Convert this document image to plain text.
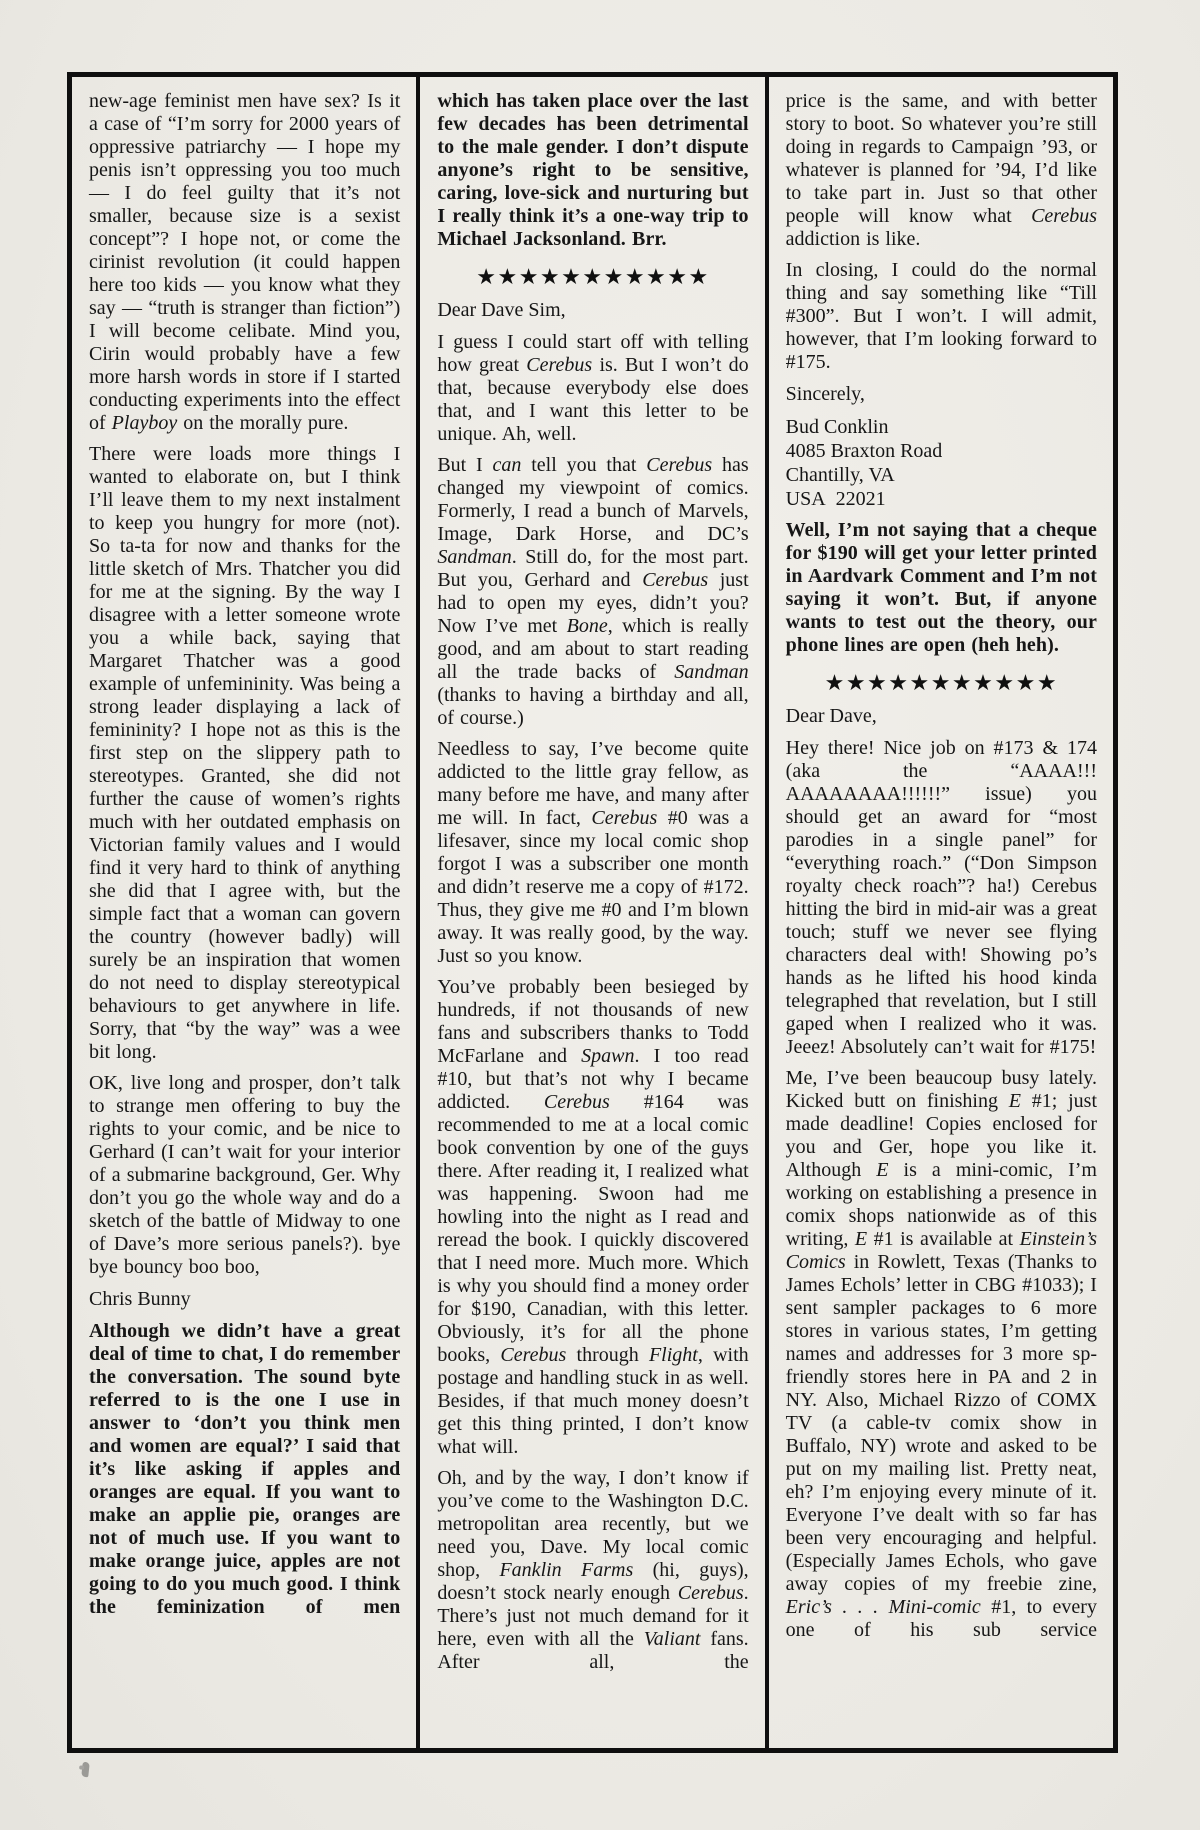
new-age feminist men have sex? Is it a case of “I’m sorry for 2000 years of oppressive patriarchy — I hope my penis isn’t oppressing you too much — I do feel guilty that it’s not smaller, because size is a sexist concept”? I hope not, or come the cirinist revolution (it could happen here too kids — you know what they say — “truth is stranger than fiction”) I will become celibate. Mind you, Cirin would probably have a few more harsh words in store if I started conducting experiments into the effect of Playboy on the morally pure.

There were loads more things I wanted to elaborate on, but I think I’ll leave them to my next instalment to keep you hungry for more (not). So ta-ta for now and thanks for the little sketch of Mrs. Thatcher you did for me at the signing. By the way I disagree with a letter someone wrote you a while back, saying that Margaret Thatcher was a good example of unfemininity. Was being a strong leader displaying a lack of femininity? I hope not as this is the first step on the slippery path to stereotypes. Granted, she did not further the cause of women’s rights much with her outdated emphasis on Victorian family values and I would find it very hard to think of anything she did that I agree with, but the simple fact that a woman can govern the country (however badly) will surely be an inspiration that women do not need to display stereotypical behaviours to get anywhere in life. Sorry, that “by the way” was a wee bit long.

OK, live long and prosper, don’t talk to strange men offering to buy the rights to your comic, and be nice to Gerhard (I can’t wait for your interior of a submarine background, Ger. Why don’t you go the whole way and do a sketch of the battle of Midway to one of Dave’s more serious panels?). bye bye bouncy boo boo,

Chris Bunny

Although we didn’t have a great deal of time to chat, I do remember the conversation. The sound byte referred to is the one I use in answer to ‘don’t you think men and women are equal?’ I said that it’s like asking if apples and oranges are equal. If you want to make an applie pie, oranges are not of much use. If you want to make orange juice, apples are not going to do you much good. I think the feminization of men

which has taken place over the last few decades has been detrimental to the male gender. I don’t dispute anyone’s right to be sensitive, caring, love-sick and nurturing but I really think it’s a one-way trip to Michael Jacksonland. Brr.

★★★★★★★★★★★

Dear Dave Sim,

I guess I could start off with telling how great Cerebus is. But I won’t do that, because everybody else does that, and I want this letter to be unique. Ah, well.

But I can tell you that Cerebus has changed my viewpoint of comics. Formerly, I read a bunch of Marvels, Image, Dark Horse, and DC’s Sandman. Still do, for the most part. But you, Gerhard and Cerebus just had to open my eyes, didn’t you? Now I’ve met Bone, which is really good, and am about to start reading all the trade backs of Sandman (thanks to having a birthday and all, of course.)

Needless to say, I’ve become quite addicted to the little gray fellow, as many before me have, and many after me will. In fact, Cerebus #0 was a lifesaver, since my local comic shop forgot I was a subscriber one month and didn’t reserve me a copy of #172. Thus, they give me #0 and I’m blown away. It was really good, by the way. Just so you know.

You’ve probably been besieged by hundreds, if not thousands of new fans and subscribers thanks to Todd McFarlane and Spawn. I too read #10, but that’s not why I became addicted. Cerebus #164 was recommended to me at a local comic book convention by one of the guys there. After reading it, I realized what was happening. Swoon had me howling into the night as I read and reread the book. I quickly discovered that I need more. Much more. Which is why you should find a money order for $190, Canadian, with this letter. Obviously, it’s for all the phone books, Cerebus through Flight, with postage and handling stuck in as well. Besides, if that much money doesn’t get this thing printed, I don’t know what will.

Oh, and by the way, I don’t know if you’ve come to the Washington D.C. metropolitan area recently, but we need you, Dave. My local comic shop, Fanklin Farms (hi, guys), doesn’t stock nearly enough Cerebus. There’s just not much demand for it here, even with all the Valiant fans. After all, the

price is the same, and with better story to boot. So whatever you’re still doing in regards to Campaign ’93, or whatever is planned for ’94, I’d like to take part in. Just so that other people will know what Cerebus addiction is like.

In closing, I could do the normal thing and say something like “Till #300”. But I won’t. I will admit, however, that I’m looking forward to #175.

Sincerely,

Bud Conklin
4085 Braxton Road
Chantilly, VA
USA  22021

Well, I’m not saying that a cheque for $190 will get your letter printed in Aardvark Comment and I’m not saying it won’t. But, if anyone wants to test out the theory, our phone lines are open (heh heh).

★★★★★★★★★★★

Dear Dave,

Hey there! Nice job on #173 & 174 (aka the “AAAA!!! AAAAAAAA!!!!!!” issue) you should get an award for “most parodies in a single panel” for “everything roach.” (“Don Simpson royalty check roach”? ha!) Cerebus hitting the bird in mid-air was a great touch; stuff we never see flying characters deal with! Showing po’s hands as he lifted his hood kinda telegraphed that revelation, but I still gaped when I realized who it was. Jeeez! Absolutely can’t wait for #175!

Me, I’ve been beaucoup busy lately. Kicked butt on finishing E #1; just made deadline! Copies enclosed for you and Ger, hope you like it. Although E is a mini-comic, I’m working on establishing a presence in comix shops nationwide as of this writing, E #1 is available at Einstein’s Comics in Rowlett, Texas (Thanks to James Echols’ letter in CBG #1033); I sent sampler packages to 6 more stores in various states, I’m getting names and addresses for 3 more sp-friendly stores here in PA and 2 in NY. Also, Michael Rizzo of COMX TV (a cable-tv comix show in Buffalo, NY) wrote and asked to be put on my mailing list. Pretty neat, eh? I’m enjoying every minute of it. Everyone I’ve dealt with so far has been very encouraging and helpful. (Especially James Echols, who gave away copies of my freebie zine, Eric’s . . . Mini-comic #1, to every one of his sub service
